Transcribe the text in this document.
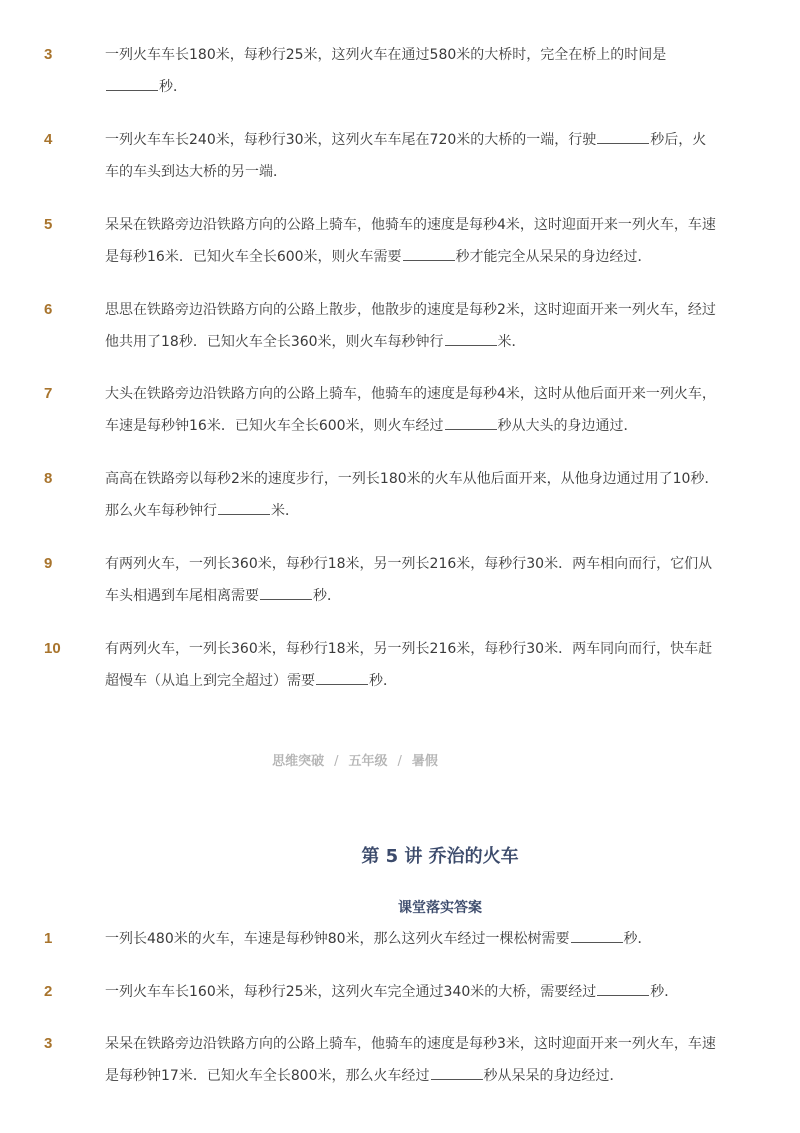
3	一列火车车长180米，每秒行25米，这列火车在通过580米的大桥时，完全在桥上的时间是秒．
4	一列火车车长240米，每秒行30米，这列火车车尾在720米的大桥的一端，行驶	秒后，火车的车头到达大桥的另一端．
5	呆呆在铁路旁边沿铁路方向的公路上骑车，他骑车的速度是每秒4米，这时迎面开来一列火车，车速是每秒16米．已知火车全长600米，则火车需要	秒才能完全从呆呆的身边经过．
6	思思在铁路旁边沿铁路方向的公路上散步，他散步的速度是每秒2米，这时迎面开来一列火车，经过他共用了18秒．已知火车全长360米，则火车每秒钟行	米．
7	大头在铁路旁边沿铁路方向的公路上骑车，他骑车的速度是每秒4米，这时从他后面开来一列火车，车速是每秒钟16米．已知火车全长600米，则火车经过	秒从大头的身边通过．
8	高高在铁路旁以每秒2米的速度步行，一列长180米的火车从他后面开来，从他身边通过用了10秒．那么火车每秒钟行	米．
9	有两列火车，一列长360米，每秒行18米，另一列长216米，每秒行30米．两车相向而行，它们从车头相遇到车尾相离需要	秒．
10	有两列火车，一列长360米，每秒行18米，另一列长216米，每秒行30米．两车同向而行，快车赶超慢车（从追上到完全超过）需要	秒．
思维突破 / 五年级 / 暑假
第 5 讲 乔治的火车
课堂落实答案
1	一列长480米的火车，车速是每秒钟80米，那么这列火车经过一棵松树需要	秒．
2	一列火车车长160米，每秒行25米，这列火车完全通过340米的大桥，需要经过	秒．
3	呆呆在铁路旁边沿铁路方向的公路上骑车，他骑车的速度是每秒3米，这时迎面开来一列火车，车速是每秒钟17米．已知火车全长800米，那么火车经过	秒从呆呆的身边经过．
